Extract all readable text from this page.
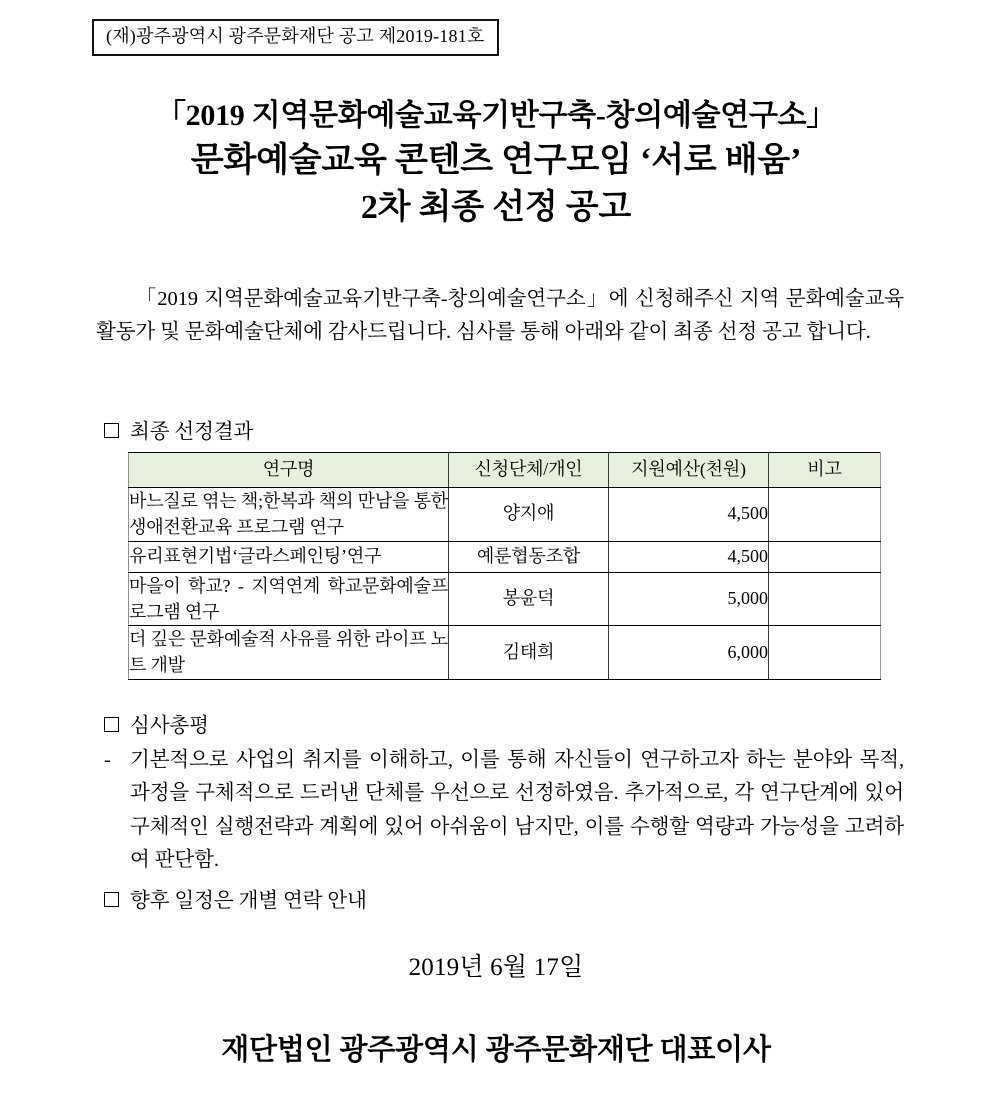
(재)광주광역시 광주문화재단 공고 제2019-181호
「2019 지역문화예술교육기반구축-창의예술연구소」
문화예술교육 콘텐츠 연구모임 ‘서로 배움’
2차 최종 선정 공고
「2019 지역문화예술교육기반구축-창의예술연구소」에 신청해주신 지역 문화예술교육 활동가 및 문화예술단체에 감사드립니다. 심사를 통해 아래와 같이 최종 선정 공고 합니다.
최종 선정결과
연구명	신청단체/개인	지원예산(천원)	비고
바느질로 엮는 책;한복과 책의 만남을 통한 생애전환교육 프로그램 연구	양지애	4,500	
유리표현기법‘글라스페인팅’연구	예룬협동조합	4,500	
마을이 학교? - 지역연계 학교문화예술프로그램 연구	봉윤덕	5,000	
더 깊은 문화예술적 사유를 위한 라이프 노트 개발	김태희	6,000	
심사총평
- 기본적으로 사업의 취지를 이해하고, 이를 통해 자신들이 연구하고자 하는 분야와 목적, 과정을 구체적으로 드러낸 단체를 우선으로 선정하였음. 추가적으로, 각 연구단계에 있어 구체적인 실행전략과 계획에 있어 아쉬움이 남지만, 이를 수행할 역량과 가능성을 고려하여 판단함.
향후 일정은 개별 연락 안내
2019년 6월 17일
재단법인 광주광역시 광주문화재단 대표이사
